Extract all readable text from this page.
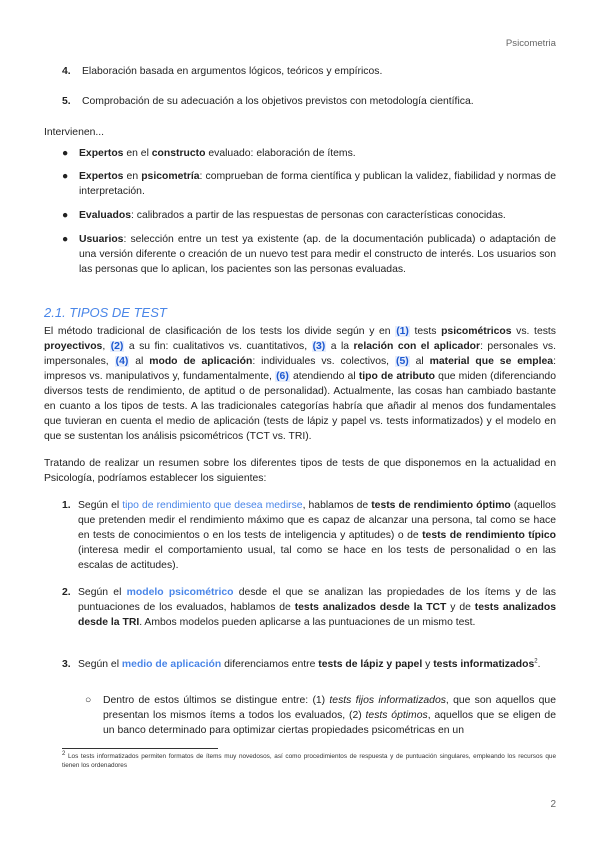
Psicometria
4. Elaboración basada en argumentos lógicos, teóricos y empíricos.
5. Comprobación de su adecuación a los objetivos previstos con metodología científica.
Intervienen...
● Expertos en el constructo evaluado: elaboración de ítems.
● Expertos en psicometría: comprueban de forma científica y publican la validez, fiabilidad y normas de interpretación.
● Evaluados: calibrados a partir de las respuestas de personas con características conocidas.
● Usuarios: selección entre un test ya existente (ap. de la documentación publicada) o adaptación de una versión diferente o creación de un nuevo test para medir el constructo de interés. Los usuarios son las personas que lo aplican, los pacientes son las personas evaluadas.
2.1. TIPOS DE TEST
El método tradicional de clasificación de los tests los divide según y en (1) tests psicométricos vs. tests proyectivos, (2) a su fin: cualitativos vs. cuantitativos, (3) a la relación con el aplicador: personales vs. impersonales, (4) al modo de aplicación: individuales vs. colectivos, (5) al material que se emplea: impresos vs. manipulativos y, fundamentalmente, (6) atendiendo al tipo de atributo que miden (diferenciando diversos tests de rendimiento, de aptitud o de personalidad). Actualmente, las cosas han cambiado bastante en cuanto a los tipos de tests. A las tradicionales categorías habría que añadir al menos dos fundamentales que tuvieran en cuenta el medio de aplicación (tests de lápiz y papel vs. tests informatizados) y el modelo en que se sustentan los análisis psicométricos (TCT vs. TRI).
Tratando de realizar un resumen sobre los diferentes tipos de tests de que disponemos en la actualidad en Psicología, podríamos establecer los siguientes:
1. Según el tipo de rendimiento que desea medirse, hablamos de tests de rendimiento óptimo (aquellos que pretenden medir el rendimiento máximo que es capaz de alcanzar una persona, tal como se hace en tests de conocimientos o en los tests de inteligencia y aptitudes) o de tests de rendimiento típico (interesa medir el comportamiento usual, tal como se hace en los tests de personalidad o en las escalas de actitudes).
2. Según el modelo psicométrico desde el que se analizan las propiedades de los ítems y de las puntuaciones de los evaluados, hablamos de tests analizados desde la TCT y de tests analizados desde la TRI. Ambos modelos pueden aplicarse a las puntuaciones de un mismo test.
3. Según el medio de aplicación diferenciamos entre tests de lápiz y papel y tests informatizados$^2$.
○ Dentro de estos últimos se distingue entre: (1) tests fijos informatizados, que son aquellos que presentan los mismos ítems a todos los evaluados, (2) tests óptimos, aquellos que se eligen de un banco determinado para optimizar ciertas propiedades psicométricas en un
$^2$ Los tests informatizados permiten formatos de ítems muy novedosos, así como procedimientos de respuesta y de puntuación singulares, empleando los recursos que tienen los ordenadores
2
